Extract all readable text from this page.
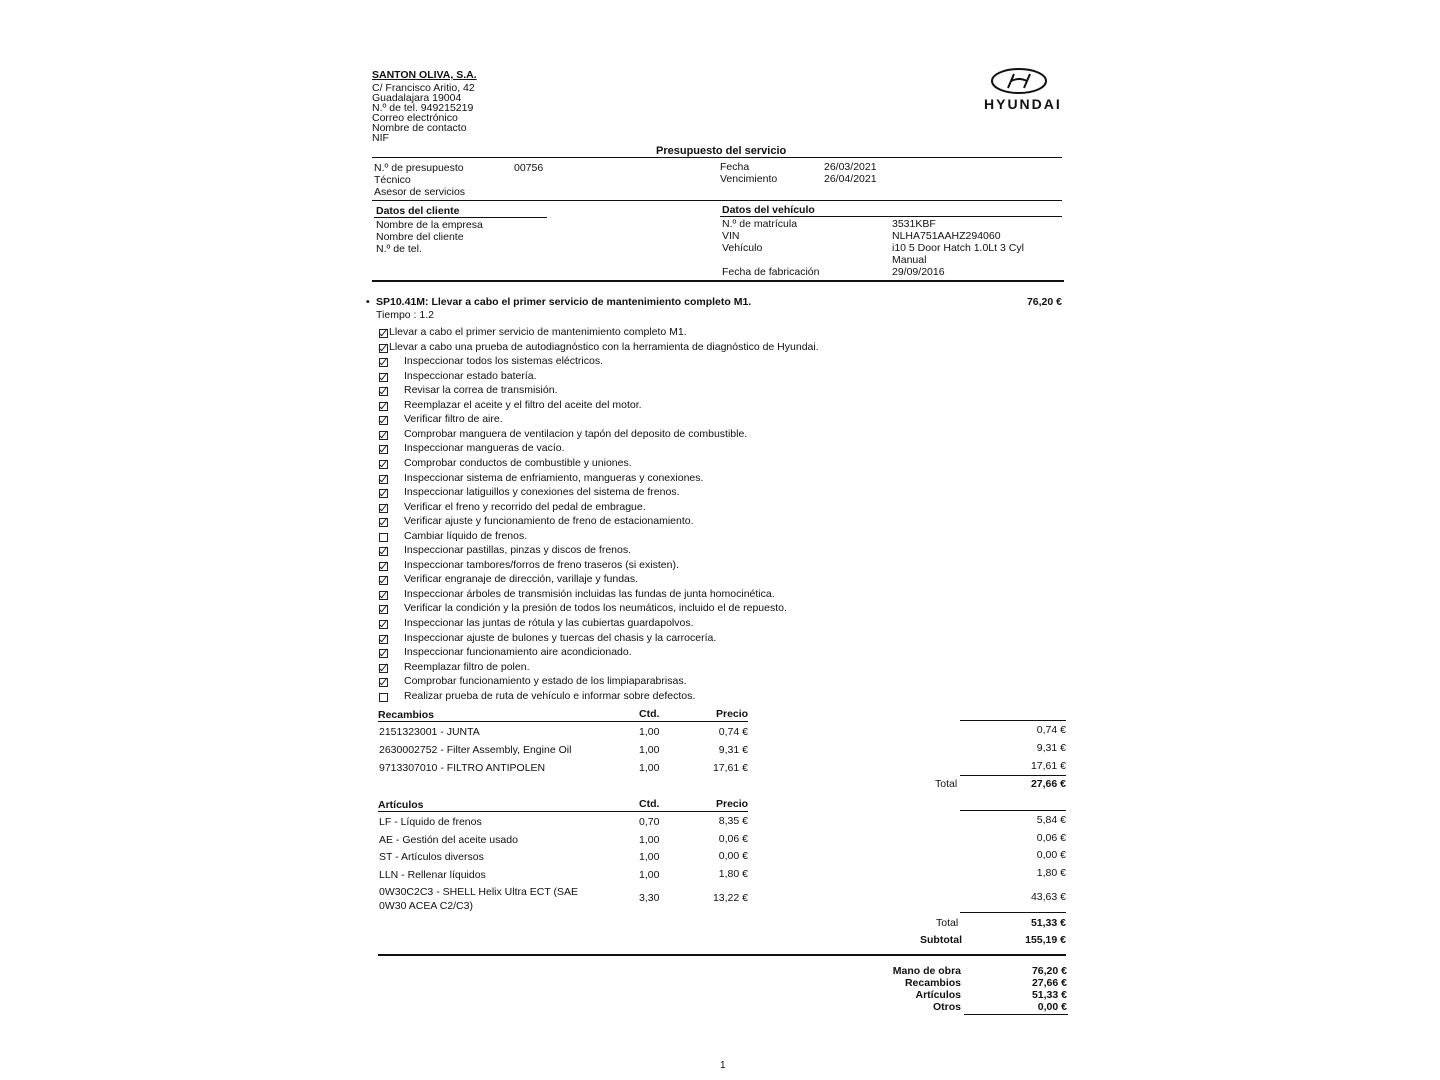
SANTON OLIVA, S.A.
C/ Francisco Aritio, 42
Guadalajara 19004
N.º de tel. 949215219
Correo electrónico
Nombre de contacto
NIF
HYUNDAI
Presupuesto del servicio
N.º de presupuesto	00756
Técnico
Asesor de servicios
Fecha	26/03/2021
Vencimiento	26/04/2021
Datos del cliente
Nombre de la empresa
Nombre del cliente
N.º de tel.
Datos del vehículo
N.º de matrícula	3531KBF
VIN	NLHA751AAHZ294060
Vehículo	i10 5 Door Hatch 1.0Lt 3 Cyl
Manual
Fecha de fabricación	29/09/2016
• SP10.41M: Llevar a cabo el primer servicio de mantenimiento completo M1.	76,20 €
Tiempo : 1.2
Llevar a cabo el primer servicio de mantenimiento completo M1.
Llevar a cabo una prueba de autodiagnóstico con la herramienta de diagnóstico de Hyundai.
Inspeccionar todos los sistemas eléctricos.
Inspeccionar estado batería.
Revisar la correa de transmisión.
Reemplazar el aceite y el filtro del aceite del motor.
Verificar filtro de aire.
Comprobar manguera de ventilacion y tapón del deposito de combustible.
Inspeccionar mangueras de vacío.
Comprobar conductos de combustible y uniones.
Inspeccionar sistema de enfriamiento, mangueras y conexiones.
Inspeccionar latiguillos y conexiones del sistema de frenos.
Verificar el freno y recorrido del pedal de embrague.
Verificar ajuste y funcionamiento de freno de estacionamiento.
Cambiar líquido de frenos.
Inspeccionar pastillas, pinzas y discos de frenos.
Inspeccionar tambores/forros de freno traseros (si existen).
Verificar engranaje de dirección, varillaje y fundas.
Inspeccionar árboles de transmisión incluidas las fundas de junta homocinética.
Verificar la condición y la presión de todos los neumáticos, incluido el de repuesto.
Inspeccionar las juntas de rótula y las cubiertas guardapolvos.
Inspeccionar ajuste de bulones y tuercas del chasis y la carrocería.
Inspeccionar funcionamiento aire acondicionado.
Reemplazar filtro de polen.
Comprobar funcionamiento y estado de los limpiaparabrisas.
Realizar prueba de ruta de vehículo e informar sobre defectos.
Recambios	Ctd.	Precio
2151323001 - JUNTA	1,00	0,74 €	0,74 €
2630002752 - Filter Assembly, Engine Oil	1,00	9,31 €	9,31 €
9713307010 - FILTRO ANTIPOLEN	1,00	17,61 €	17,61 €
Total	27,66 €
Artículos	Ctd.	Precio
LF - Líquido de frenos	0,70	8,35 €	5,84 €
AE - Gestión del aceite usado	1,00	0,06 €	0,06 €
ST - Artículos diversos	1,00	0,00 €	0,00 €
LLN - Rellenar líquidos	1,00	1,80 €	1,80 €
0W30C2C3 - SHELL Helix Ultra ECT (SAE
0W30 ACEA C2/C3)
3,30	13,22 €	43,63 €
Total	51,33 €
Subtotal	155,19 €
Mano de obra	76,20 €
Recambios	27,66 €
Artículos	51,33 €
Otros	0,00 €
1
